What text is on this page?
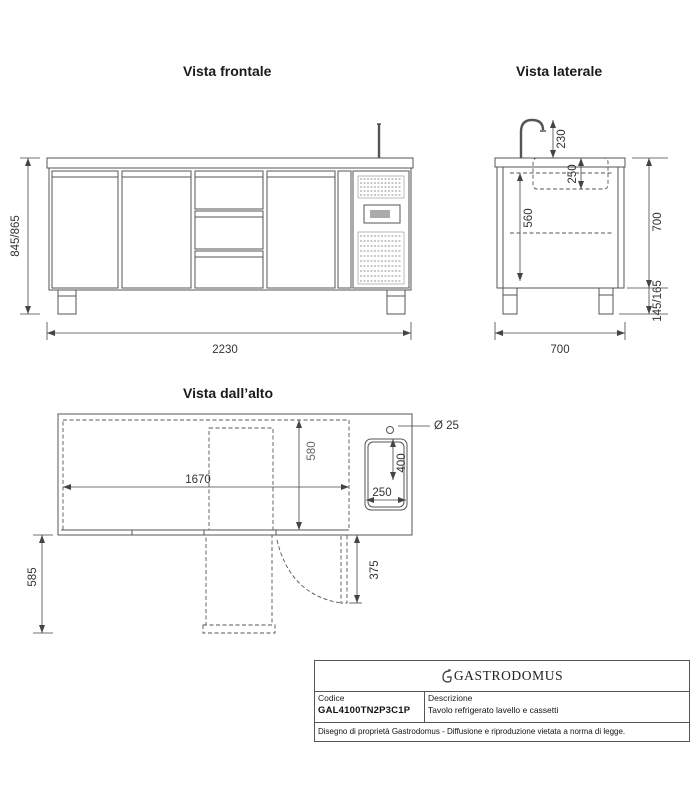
Vista frontale	Vista laterale
Vista dall’alto
845/865
2230
230
250
560	700
145/165
700
1670
580
400
250
Ø 25
585	375
GASTRODOMUS
Codice
GAL4100TN2P3C1P
Descrizione
Tavolo refrigerato lavello e cassetti
Disegno di proprietà Gastrodomus - Diffusione e riproduzione vietata a norma di legge.
